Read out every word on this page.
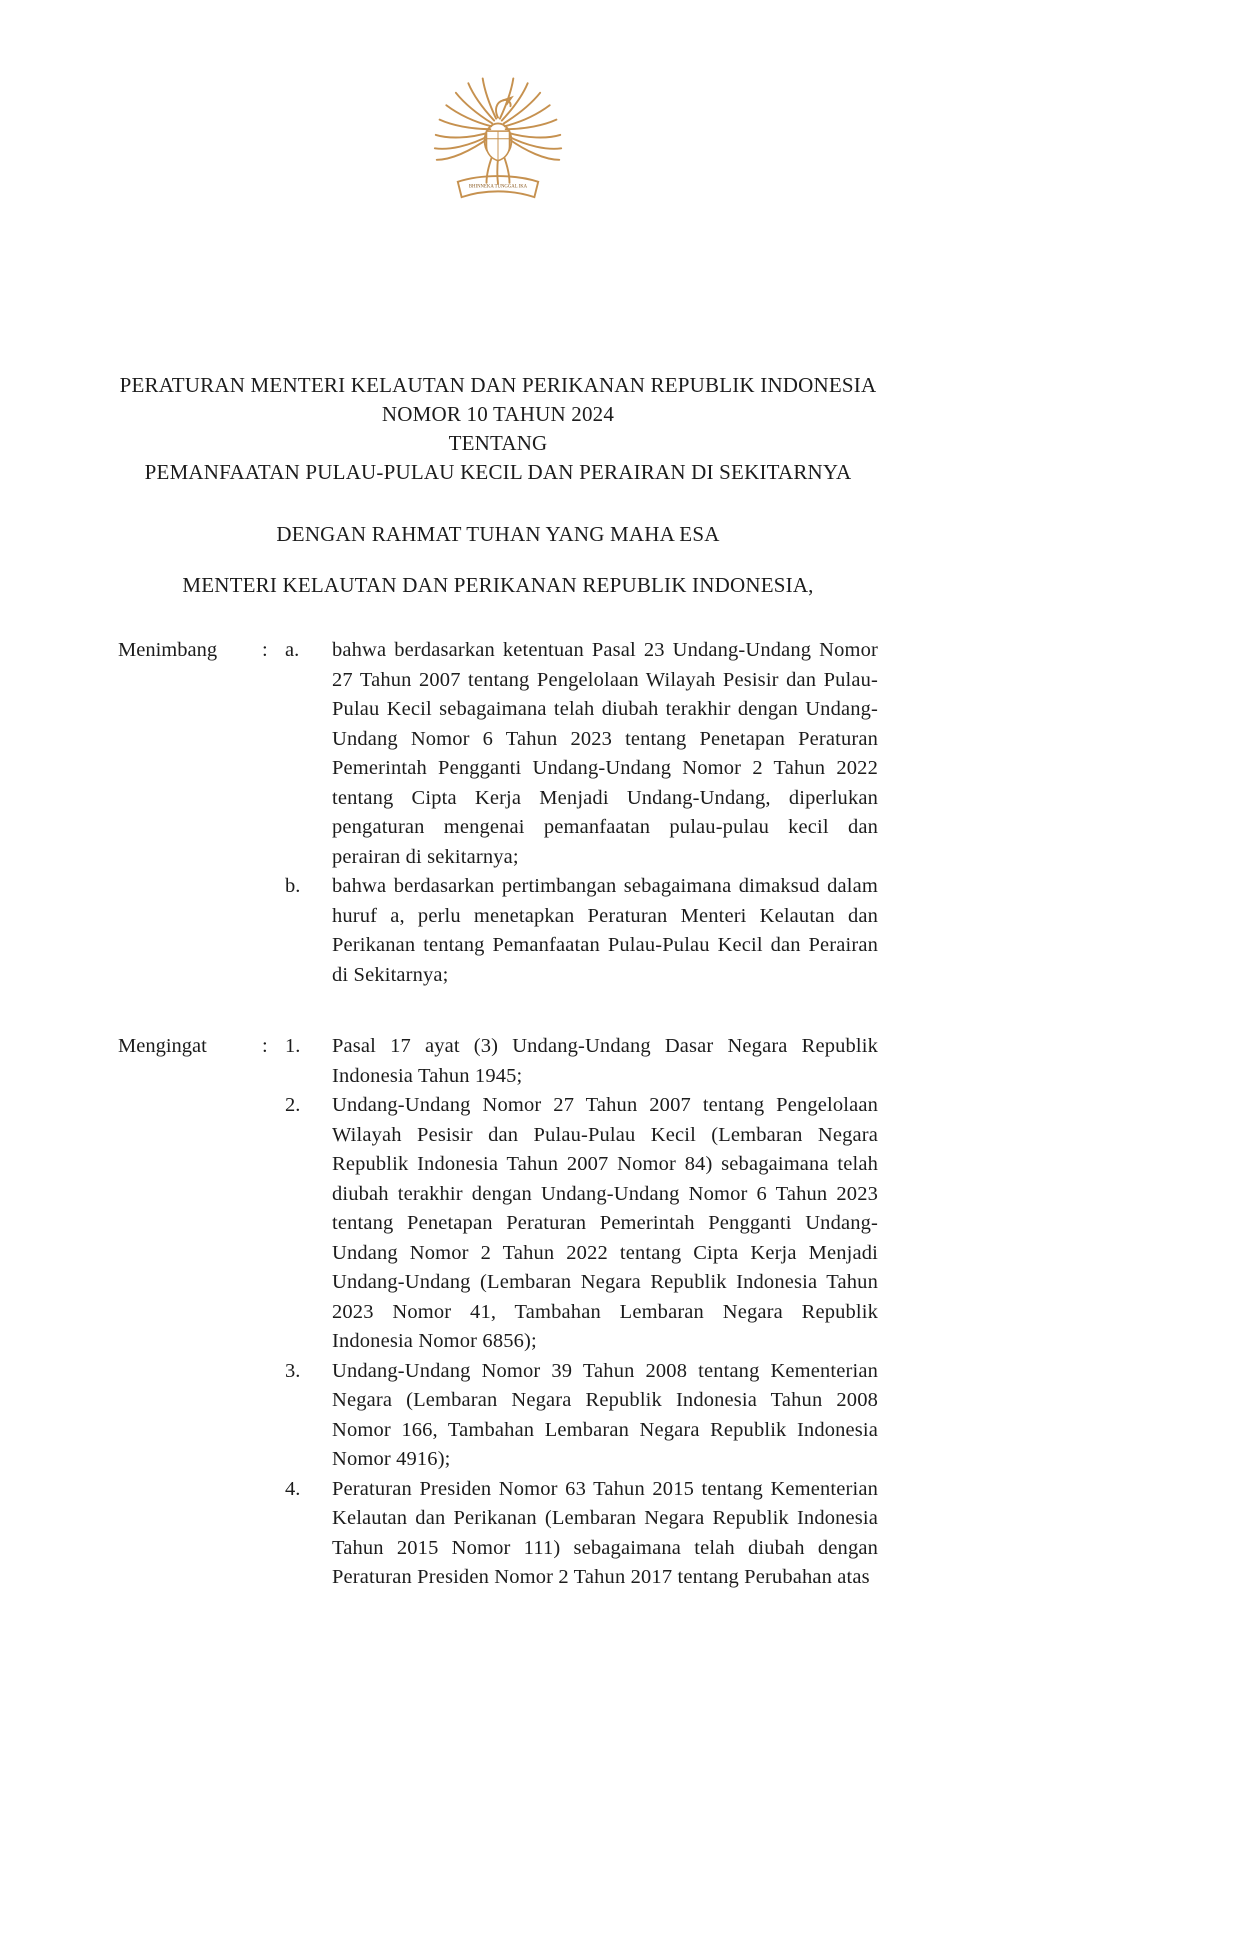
BHINNEKA TUNGGAL IKA
PERATURAN MENTERI KELAUTAN DAN PERIKANAN REPUBLIK INDONESIA
NOMOR 10 TAHUN 2024
TENTANG
PEMANFAATAN PULAU-PULAU KECIL DAN PERAIRAN DI SEKITARNYA
DENGAN RAHMAT TUHAN YANG MAHA ESA
MENTERI KELAUTAN DAN PERIKANAN REPUBLIK INDONESIA,
Menimbang	: a.	bahwa berdasarkan ketentuan Pasal 23 Undang-Undang Nomor 27 Tahun 2007 tentang Pengelolaan Wilayah Pesisir dan Pulau-Pulau Kecil sebagaimana telah diubah terakhir dengan Undang-Undang Nomor 6 Tahun 2023 tentang Penetapan Peraturan Pemerintah Pengganti Undang-Undang Nomor 2 Tahun 2022 tentang Cipta Kerja Menjadi Undang-Undang, diperlukan pengaturan mengenai pemanfaatan pulau-pulau kecil dan perairan di sekitarnya;
b.	bahwa berdasarkan pertimbangan sebagaimana dimaksud dalam huruf a, perlu menetapkan Peraturan Menteri Kelautan dan Perikanan tentang Pemanfaatan Pulau-Pulau Kecil dan Perairan di Sekitarnya;
Mengingat	: 1.	Pasal 17 ayat (3) Undang-Undang Dasar Negara Republik Indonesia Tahun 1945;
2.	Undang-Undang Nomor 27 Tahun 2007 tentang Pengelolaan Wilayah Pesisir dan Pulau-Pulau Kecil (Lembaran Negara Republik Indonesia Tahun 2007 Nomor 84) sebagaimana telah diubah terakhir dengan Undang-Undang Nomor 6 Tahun 2023 tentang Penetapan Peraturan Pemerintah Pengganti Undang-Undang Nomor 2 Tahun 2022 tentang Cipta Kerja Menjadi Undang-Undang (Lembaran Negara Republik Indonesia Tahun 2023 Nomor 41, Tambahan Lembaran Negara Republik Indonesia Nomor 6856);
3.	Undang-Undang Nomor 39 Tahun 2008 tentang Kementerian Negara (Lembaran Negara Republik Indonesia Tahun 2008 Nomor 166, Tambahan Lembaran Negara Republik Indonesia Nomor 4916);
4.	Peraturan Presiden Nomor 63 Tahun 2015 tentang Kementerian Kelautan dan Perikanan (Lembaran Negara Republik Indonesia Tahun 2015 Nomor 111) sebagaimana telah diubah dengan Peraturan Presiden Nomor 2 Tahun 2017 tentang Perubahan atas
